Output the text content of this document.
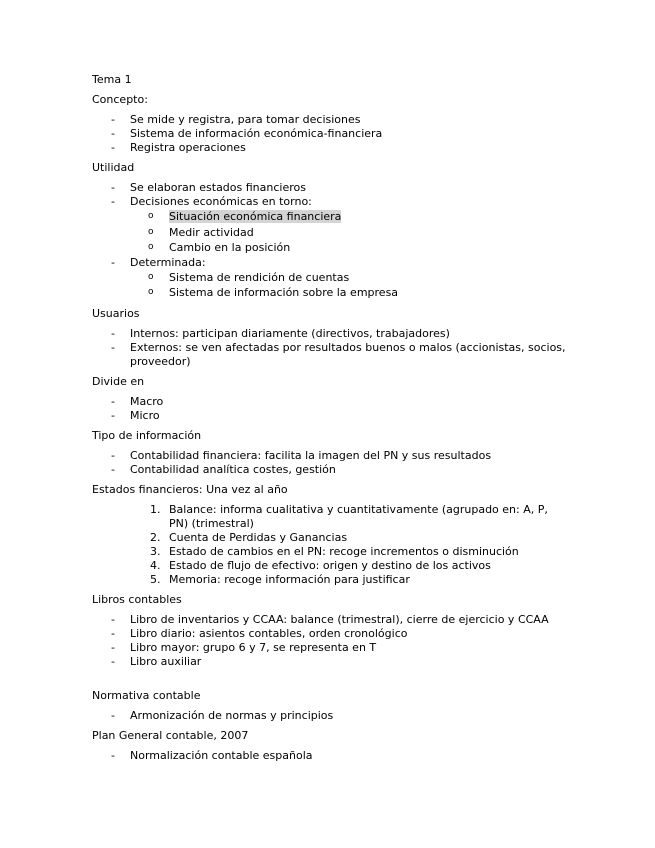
Tema 1

Concepto:

- Se mide y registra, para tomar decisiones
- Sistema de información económica-financiera
- Registra operaciones

Utilidad

- Se elaboran estados financieros
- Decisiones económicas en torno:
o Situación económica financiera
o Medir actividad
o Cambio en la posición
- Determinada:
o Sistema de rendición de cuentas
o Sistema de información sobre la empresa

Usuarios

- Internos: participan diariamente (directivos, trabajadores)
- Externos: se ven afectadas por resultados buenos o malos (accionistas, socios, proveedor)

Divide en

- Macro
- Micro

Tipo de información

- Contabilidad financiera: facilita la imagen del PN y sus resultados
- Contabilidad analítica costes, gestión

Estados financieros: Una vez al año

1. Balance: informa cualitativa y cuantitativamente (agrupado en: A, P, PN) (trimestral)
2. Cuenta de Perdidas y Ganancias
3. Estado de cambios en el PN: recoge incrementos o disminución
4. Estado de flujo de efectivo: origen y destino de los activos
5. Memoria: recoge información para justificar

Libros contables

- Libro de inventarios y CCAA: balance (trimestral), cierre de ejercicio y CCAA
- Libro diario: asientos contables, orden cronológico
- Libro mayor: grupo 6 y 7, se representa en T
- Libro auxiliar

Normativa contable

- Armonización de normas y principios

Plan General contable, 2007

- Normalización contable española
